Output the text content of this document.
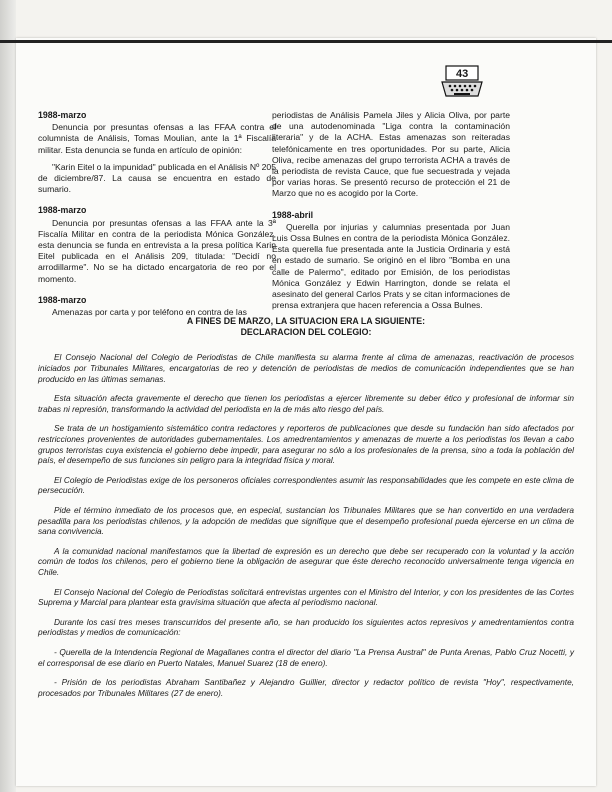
43

1988-marzo

Denuncia por presuntas ofensas a las FFAA contra el columnista de Análisis, Tomas Moulian, ante la 1ª Fiscalía militar. Esta denuncia se funda en artículo de opinión:

"Karin Eitel o la impunidad" publicada en el Análisis Nº 205 de diciembre/87. La causa se encuentra en estado de sumario.

1988-marzo

Denuncia por presuntas ofensas a las FFAA ante la 3ª Fiscalía Militar en contra de la periodista Mónica González, esta denuncia se funda en entrevista a la presa política Karin Eitel publicada en el Análisis 209, titulada: "Decidí no arrodillarme". No se ha dictado encargatoria de reo por el momento.

1988-marzo

Amenazas por carta y por teléfono en contra de las

periodistas de Análisis Pamela Jiles y Alicia Oliva, por parte de una autodenominada "Liga contra la contaminación literaria" y de la ACHA. Estas amenazas son reiteradas telefónicamente en tres oportunidades. Por su parte, Alicia Oliva, recibe amenazas del grupo terrorista ACHA a través de la periodista de revista Cauce, que fue secuestrada y vejada por varias horas. Se presentó recurso de protección el 21 de Marzo que no es acogido por la Corte.

1988-abril

Querella por injurias y calumnias presentada por Juan Luis Ossa Bulnes en contra de la periodista Mónica González. Esta querella fue presentada ante la Justicia Ordinaria y está en estado de sumario. Se originó en el libro "Bomba en una calle de Palermo", editado por Emisión, de los periodistas Mónica González y Edwin Harrington, donde se relata el asesinato del general Carlos Prats y se citan informaciones de prensa extranjera que hacen referencia a Ossa Bulnes.

A FINES DE MARZO, LA SITUACION ERA LA SIGUIENTE:

DECLARACION DEL COLEGIO:

El Consejo Nacional del Colegio de Periodistas de Chile manifiesta su alarma frente al clima de amenazas, reactivación de procesos iniciados por Tribunales Militares, encargatorias de reo y detención de periodistas de medios de comunicación independientes que se han producido en las últimas semanas.

Esta situación afecta gravemente el derecho que tienen los periodistas a ejercer libremente su deber ético y profesional de informar sin trabas ni represión, transformando la actividad del periodista en la de más alto riesgo del país.

Se trata de un hostigamiento sistemático contra redactores y reporteros de publicaciones que desde su fundación han sido afectados por restricciones provenientes de autoridades gubernamentales. Los amedrentamientos y amenazas de muerte a los periodistas los llevan a cabo grupos terroristas cuya existencia el gobierno debe impedir, para asegurar no sólo a los profesionales de la prensa, sino a toda la población del país, el desempeño de sus funciones sin peligro para la integridad física y moral.

El Colegio de Periodistas exige de los personeros oficiales correspondientes asumir las responsabilidades que les compete en este clima de persecución.

Pide el término inmediato de los procesos que, en especial, sustancian los Tribunales Militares que se han convertido en una verdadera pesadilla para los periodistas chilenos, y la adopción de medidas que signifique que el desempeño profesional pueda ejercerse en un clima de sana convivencia.

A la comunidad nacional manifestamos que la libertad de expresión es un derecho que debe ser recuperado con la voluntad y la acción común de todos los chilenos, pero el gobierno tiene la obligación de asegurar que éste derecho reconocido universalmente tenga vigencia en Chile.

El Consejo Nacional del Colegio de Periodistas solicitará entrevistas urgentes con el Ministro del Interior, y con los presidentes de las Cortes Suprema y Marcial para plantear esta gravísima situación que afecta al periodismo nacional.

Durante los casi tres meses transcurridos del presente año, se han producido los siguientes actos represivos y amedrentamientos contra periodistas y medios de comunicación:

- Querella de la Intendencia Regional de Magallanes contra el director del diario "La Prensa Austral" de Punta Arenas, Pablo Cruz Nocetti, y el corresponsal de ese diario en Puerto Natales, Manuel Suarez (18 de enero).

- Prisión de los periodistas Abraham Santibañez y Alejandro Guillier, director y redactor político de revista "Hoy", respectivamente, procesados por Tribunales Militares (27 de enero).
